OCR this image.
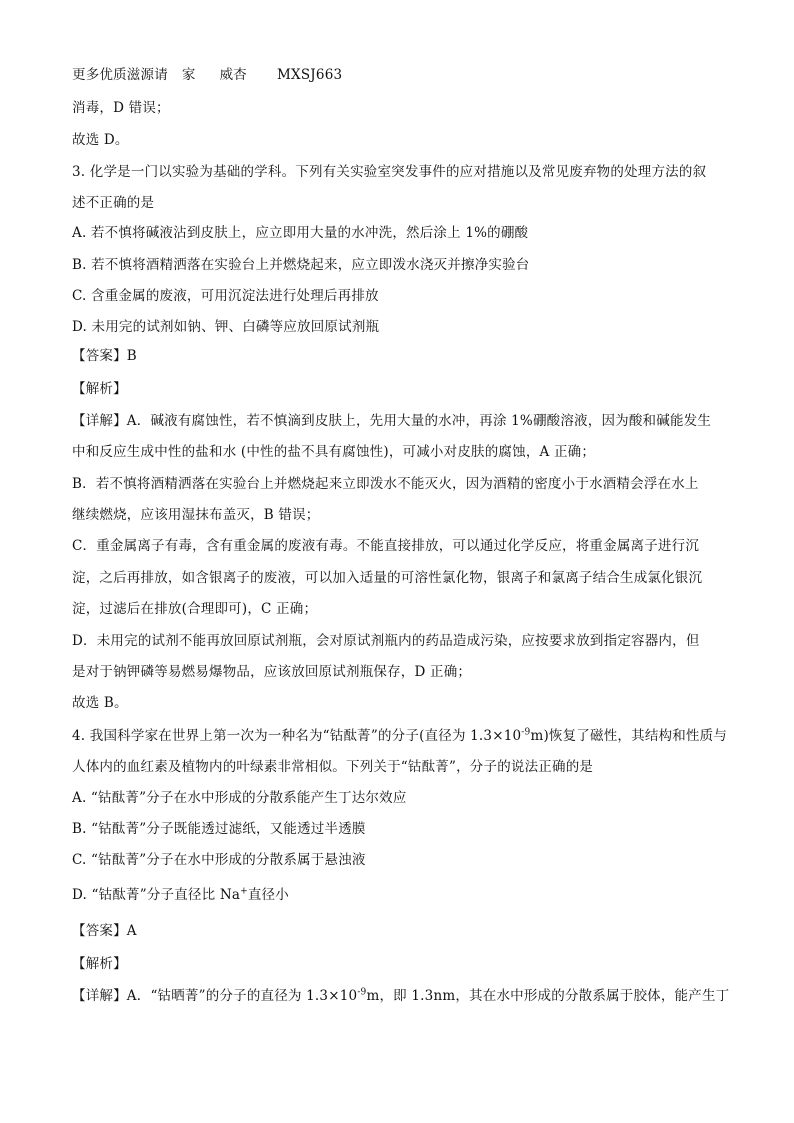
更多优质滋源请 家 威杏 MXSJ663
消毒，D 错误；
故选 D。
3. 化学是一门以实验为基础的学科。下列有关实验室突发事件的应对措施以及常见废弃物的处理方法的叙
述不正确的是
A. 若不慎将碱液沾到皮肤上，应立即用大量的水冲洗，然后涂上 1%的硼酸
B. 若不慎将酒精洒落在实验台上并燃烧起来，应立即泼水浇灭并擦净实验台
C. 含重金属的废液，可用沉淀法进行处理后再排放
D. 未用完的试剂如钠、钾、白磷等应放回原试剂瓶
【答案】B
【解析】
【详解】A．碱液有腐蚀性，若不慎滴到皮肤上，先用大量的水冲，再涂 1%硼酸溶液，因为酸和碱能发生
中和反应生成中性的盐和水 (中性的盐不具有腐蚀性)，可减小对皮肤的腐蚀，A 正确；
B．若不慎将酒精洒落在实验台上并燃烧起来立即泼水不能灭火，因为酒精的密度小于水酒精会浮在水上
继续燃烧，应该用湿抹布盖灭，B 错误；
C．重金属离子有毒，含有重金属的废液有毒。不能直接排放，可以通过化学反应，将重金属离子进行沉
淀，之后再排放，如含银离子的废液，可以加入适量的可溶性氯化物，银离子和氯离子结合生成氯化银沉
淀，过滤后在排放(合理即可)，C 正确；
D．未用完的试剂不能再放回原试剂瓶，会对原试剂瓶内的药品造成污染，应按要求放到指定容器内，但
是对于钠钾磷等易燃易爆物品，应该放回原试剂瓶保存，D 正确；
故选 B。
4. 我国科学家在世界上第一次为一种名为“钴酞菁”的分子(直径为 $1.3\times 10^{-9}m$)恢复了磁性，其结构和性质与
人体内的血红素及植物内的叶绿素非常相似。下列关于“钴酞菁”，分子的说法正确的是
A. “钴酞菁”分子在水中形成的分散系能产生丁达尔效应
B. “钴酞菁”分子既能透过滤纸，又能透过半透膜
C. “钴酞菁”分子在水中形成的分散系属于悬浊液
D. “钴酞菁”分子直径比 Na+直径小
【答案】A
【解析】
【详解】A．“钴晒菁”的分子的直径为 $1.3\times 10^{-9}m$，即 1.3nm，其在水中形成的分散系属于胶体，能产生丁
